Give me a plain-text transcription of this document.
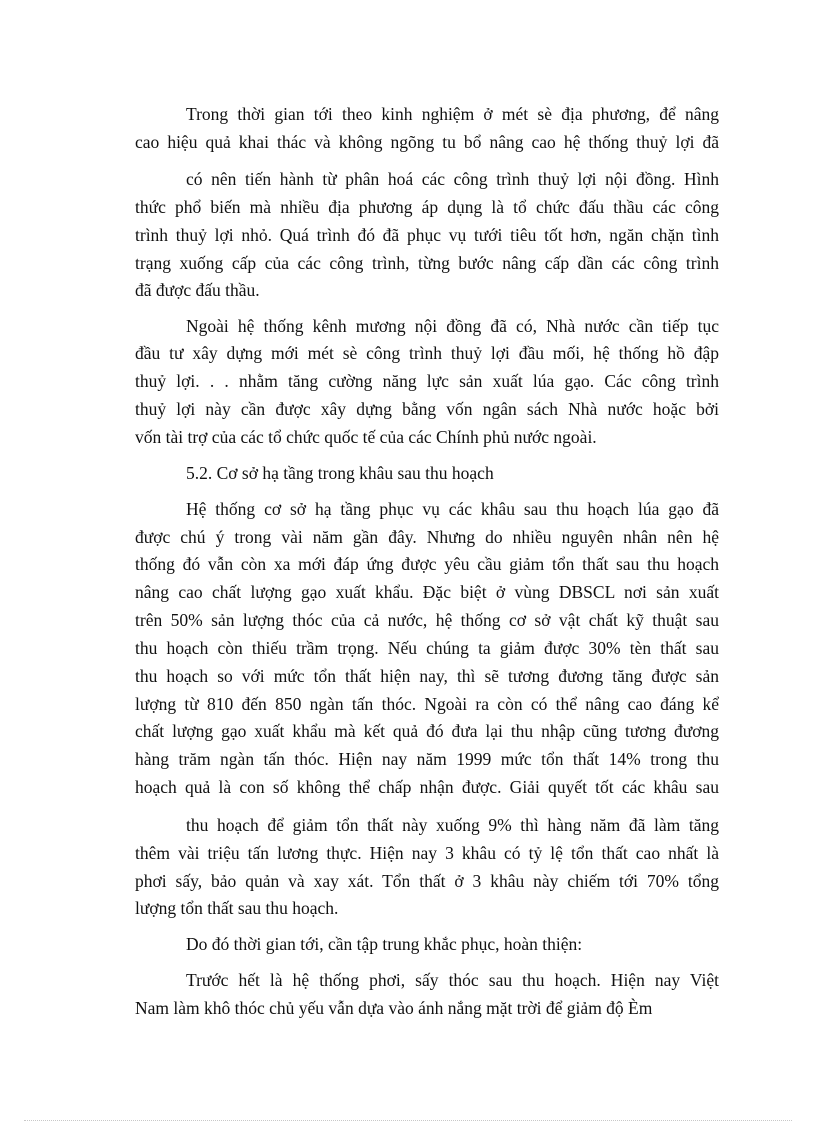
Trong thời gian tới theo kinh nghiệm ở mét sè địa phương, để nâng
cao hiệu quả khai thác và không ngõng tu bổ nâng cao hệ thống thuỷ lợi đã
có nên tiến hành từ phân hoá các công trình thuỷ lợi nội đồng. Hình
thức phổ biến mà nhiều địa phương áp dụng là tổ chức đấu thầu các công
trình thuỷ lợi nhỏ. Quá trình đó đã phục vụ tưới tiêu tốt hơn, ngăn chặn tình
trạng xuống cấp của các công trình, từng bước nâng cấp dần các công trình
đã được đấu thầu.
Ngoài hệ thống kênh mương nội đồng đã có, Nhà nước cần tiếp tục
đầu tư xây dựng mới mét sè công trình thuỷ lợi đầu mối, hệ thống hồ đập
thuỷ lợi. . . nhằm tăng cường năng lực sản xuất lúa gạo. Các công trình
thuỷ lợi này cần được xây dựng bằng vốn ngân sách Nhà nước hoặc bởi
vốn tài trợ của các tổ chức quốc tế của các Chính phủ nước ngoài.
5.2. Cơ sở hạ tầng trong khâu sau thu hoạch
Hệ thống cơ sở hạ tầng phục vụ các khâu sau thu hoạch lúa gạo đã
được chú ý trong vài năm gần đây. Nhưng do nhiều nguyên nhân nên hệ
thống đó vẫn còn xa mới đáp ứng được yêu cầu giảm tổn thất sau thu hoạch
nâng cao chất lượng gạo xuất khẩu. Đặc biệt ở vùng DBSCL nơi sản xuất
trên 50% sản lượng thóc của cả nước, hệ thống cơ sở vật chất kỹ thuật sau
thu hoạch còn thiếu trầm trọng. Nếu chúng ta giảm được 30% tèn thất sau
thu hoạch so với mức tổn thất hiện nay, thì sẽ tương đương tăng được sản
lượng từ 810 đến 850 ngàn tấn thóc. Ngoài ra còn có thể nâng cao đáng kể
chất lượng gạo xuất khẩu mà kết quả đó đưa lại thu nhập cũng tương đương
hàng trăm ngàn tấn thóc. Hiện nay năm 1999 mức tổn thất 14% trong thu
hoạch quả là con số không thể chấp nhận được. Giải quyết tốt các khâu sau
thu hoạch để giảm tổn thất này xuống 9% thì hàng năm đã làm tăng
thêm vài triệu tấn lương thực. Hiện nay 3 khâu có tỷ lệ tổn thất cao nhất là
phơi sấy, bảo quản và xay xát. Tổn thất ở 3 khâu này chiếm tới 70% tổng
lượng tổn thất sau thu hoạch.
Do đó thời gian tới, cần tập trung khắc phục, hoàn thiện:
Trước hết là hệ thống phơi, sấy thóc sau thu hoạch. Hiện nay Việt
Nam làm khô thóc chủ yếu vẫn dựa vào ánh nắng mặt trời để giảm độ Èm
